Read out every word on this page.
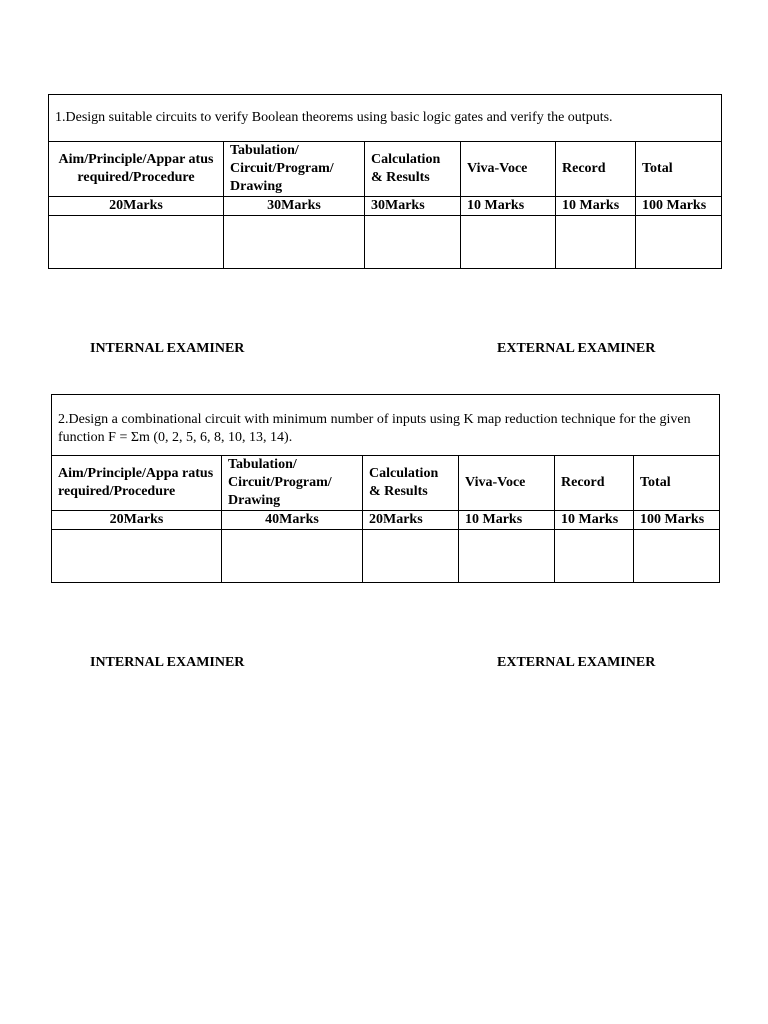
1.Design suitable circuits to verify Boolean theorems using basic logic gates and verify the outputs.					
Aim/Principle/Appar atus required/Procedure	Tabulation/ Circuit/Program/ Drawing	Calculation & Results	Viva-Voce	Record	Total
20Marks	30Marks	30Marks	10 Marks	10 Marks	100 Marks

INTERNAL EXAMINER	EXTERNAL EXAMINER
2.Design a combinational circuit with minimum number of inputs using K map reduction technique for the given function F = Σm (0, 2, 5, 6, 8, 10, 13, 14).					
Aim/Principle/Appa ratus required/Procedure	Tabulation/ Circuit/Program/ Drawing	Calculation & Results	Viva-Voce	Record	Total
20Marks	40Marks	20Marks	10 Marks	10 Marks	100 Marks

INTERNAL EXAMINER	EXTERNAL EXAMINER
